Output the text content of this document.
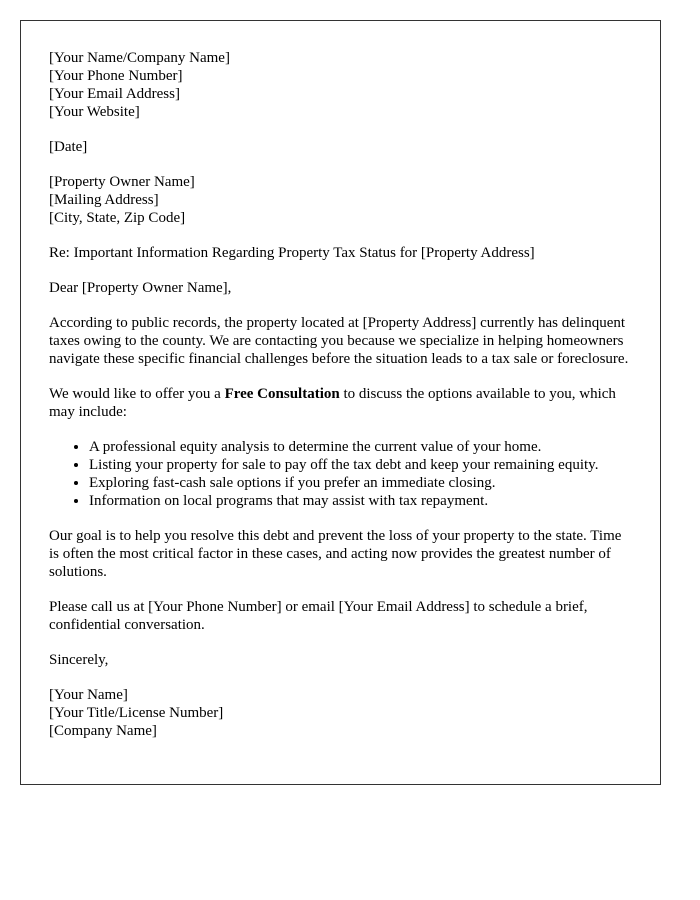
[Your Name/Company Name]
[Your Phone Number]
[Your Email Address]
[Your Website]

[Date]

[Property Owner Name]
[Mailing Address]
[City, State, Zip Code]

Re: Important Information Regarding Property Tax Status for [Property Address]

Dear [Property Owner Name],

According to public records, the property located at [Property Address] currently has delinquent taxes owing to the county. We are contacting you because we specialize in helping homeowners navigate these specific financial challenges before the situation leads to a tax sale or foreclosure.

We would like to offer you a Free Consultation to discuss the options available to you, which may include:

• A professional equity analysis to determine the current value of your home.
• Listing your property for sale to pay off the tax debt and keep your remaining equity.
• Exploring fast-cash sale options if you prefer an immediate closing.
• Information on local programs that may assist with tax repayment.

Our goal is to help you resolve this debt and prevent the loss of your property to the state. Time is often the most critical factor in these cases, and acting now provides the greatest number of solutions.

Please call us at [Your Phone Number] or email [Your Email Address] to schedule a brief, confidential conversation.

Sincerely,

[Your Name]
[Your Title/License Number]
[Company Name]
